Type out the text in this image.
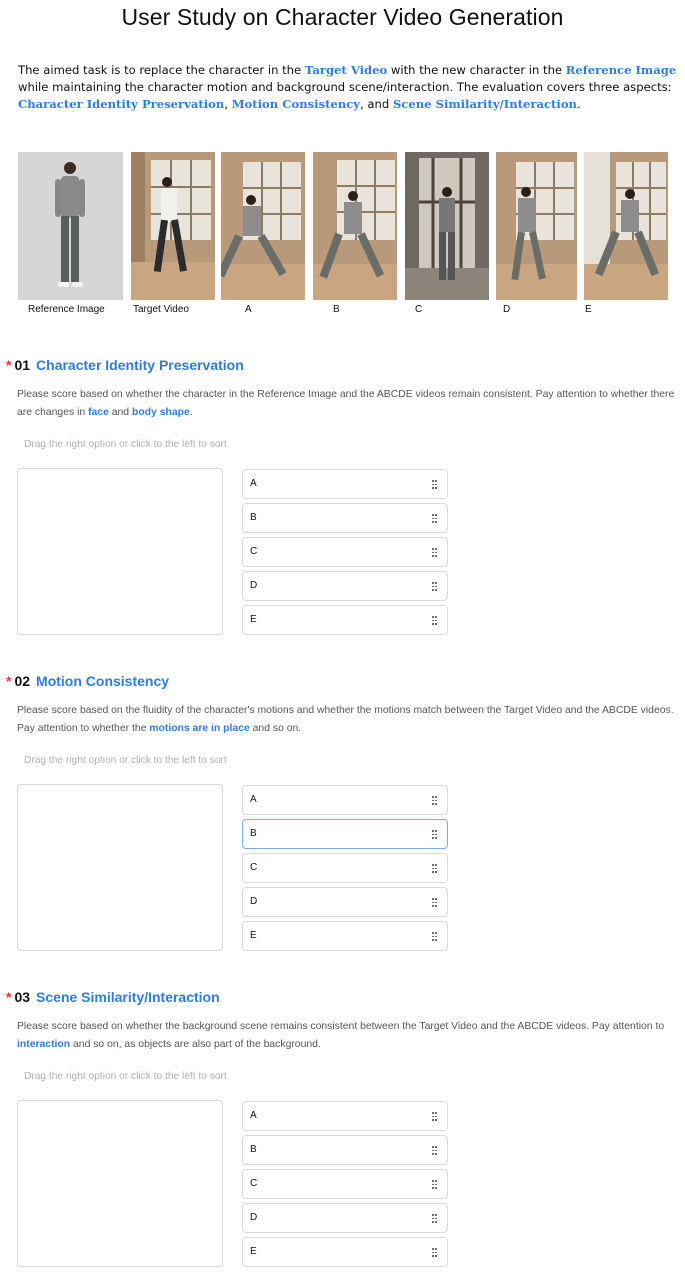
User Study on Character Video Generation
The aimed task is to replace the character in the Target Video with the new character in the Reference Image while maintaining the character motion and background scene/interaction. The evaluation covers three aspects: Character Identity Preservation, Motion Consistency, and Scene Similarity/Interaction.
Reference Image	Target Video	A	B	C	D	E
* 01 Character Identity Preservation
Please score based on whether the character in the Reference Image and the ABCDE videos remain consistent. Pay attention to whether there are changes in face and body shape.
Drag the right option or click to the left to sort
A
B
C
D
E
* 02 Motion Consistency
Please score based on the fluidity of the character's motions and whether the motions match between the Target Video and the ABCDE videos. Pay attention to whether the motions are in place and so on.
Drag the right option or click to the left to sort
A
B
C
D
E
* 03 Scene Similarity/Interaction
Please score based on whether the background scene remains consistent between the Target Video and the ABCDE videos. Pay attention to interaction and so on, as objects are also part of the background.
Drag the right option or click to the left to sort
A
B
C
D
E
